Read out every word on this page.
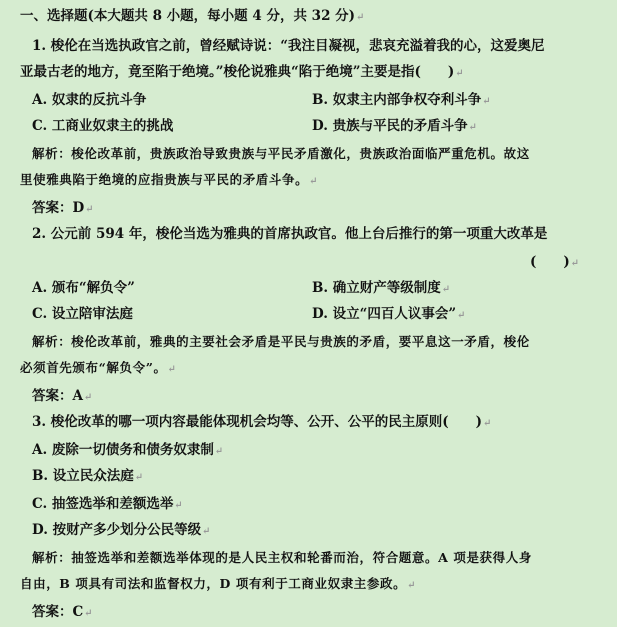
一、选择题(本大题共 8 小题，每小题 4 分，共 32 分)↵
1. 梭伦在当选执政官之前，曾经赋诗说：“我注目凝视，悲哀充溢着我的心，这爱奥尼
亚最古老的地方，竟至陷于绝境。”梭伦说雅典“陷于绝境”主要是指(　　)↵
A. 奴隶的反抗斗争	B. 奴隶主内部争权夺利斗争↵
C. 工商业奴隶主的挑战	D. 贵族与平民的矛盾斗争↵
解析：梭伦改革前，贵族政治导致贵族与平民矛盾激化，贵族政治面临严重危机。故这
里使雅典陷于绝境的应指贵族与平民的矛盾斗争。↵
答案：D↵
2. 公元前 594 年，梭伦当选为雅典的首席执政官。他上台后推行的第一项重大改革是
(　　)↵
A. 颁布“解负令”	B. 确立财产等级制度↵
C. 设立陪审法庭	D. 设立“四百人议事会”↵
解析：梭伦改革前，雅典的主要社会矛盾是平民与贵族的矛盾，要平息这一矛盾，梭伦
必须首先颁布“解负令”。↵
答案：A↵
3. 梭伦改革的哪一项内容最能体现机会均等、公开、公平的民主原则(　　)↵
A. 废除一切债务和债务奴隶制↵
B. 设立民众法庭↵
C. 抽签选举和差额选举↵
D. 按财产多少划分公民等级↵
解析：抽签选举和差额选举体现的是人民主权和轮番而治，符合题意。A 项是获得人身
自由，B 项具有司法和监督权力，D 项有利于工商业奴隶主参政。↵
答案：C↵
